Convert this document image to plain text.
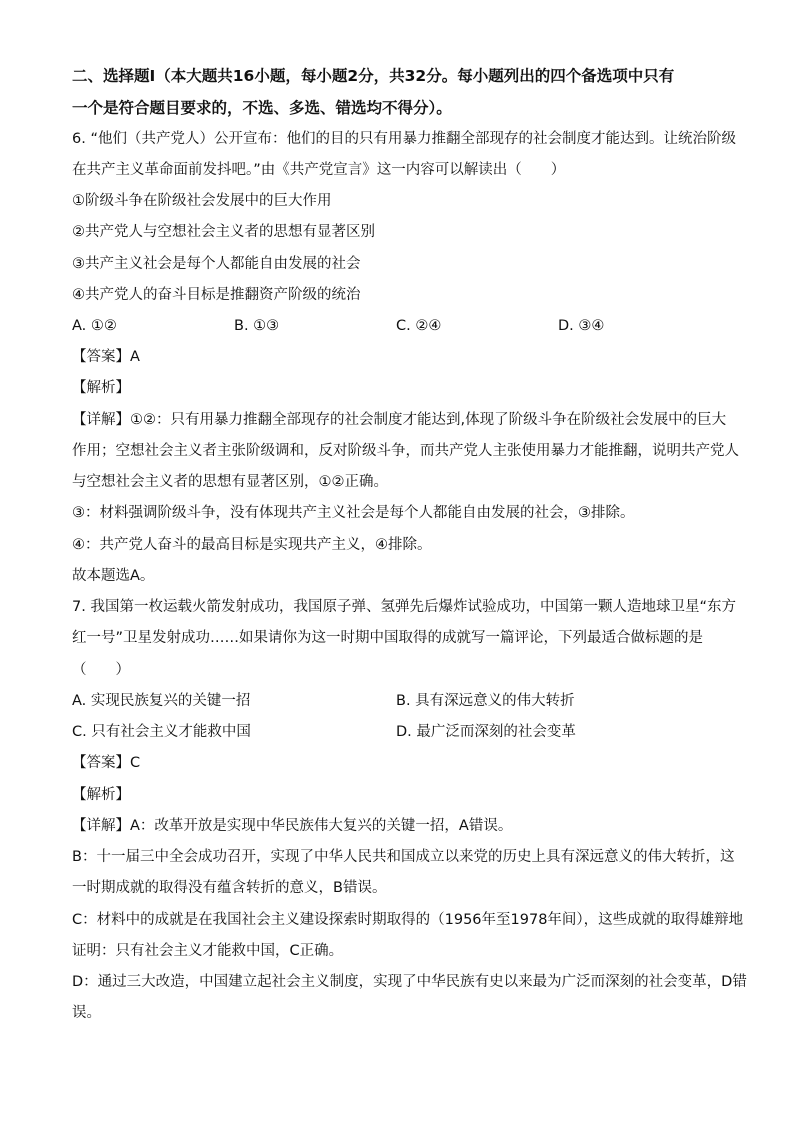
二、选择题Ⅰ（本大题共16小题，每小题2分，共32分。每小题列出的四个备选项中只有
一个是符合题目要求的，不选、多选、错选均不得分）。
6. “他们（共产党人）公开宣布：他们的目的只有用暴力推翻全部现存的社会制度才能达到。让统治阶级
在共产主义革命面前发抖吧。”由《共产党宣言》这一内容可以解读出（　　）
①阶级斗争在阶级社会发展中的巨大作用
②共产党人与空想社会主义者的思想有显著区别
③共产主义社会是每个人都能自由发展的社会
④共产党人的奋斗目标是推翻资产阶级的统治
A. ①②	B. ①③	C. ②④	D. ③④
【答案】A
【解析】
【详解】①②：只有用暴力推翻全部现存的社会制度才能达到,体现了阶级斗争在阶级社会发展中的巨大
作用；空想社会主义者主张阶级调和，反对阶级斗争，而共产党人主张使用暴力才能推翻，说明共产党人
与空想社会主义者的思想有显著区别，①②正确。
③：材料强调阶级斗争，没有体现共产主义社会是每个人都能自由发展的社会，③排除。
④：共产党人奋斗的最高目标是实现共产主义，④排除。
故本题选A。
7. 我国第一枚运载火箭发射成功，我国原子弹、氢弹先后爆炸试验成功，中国第一颗人造地球卫星“东方
红一号”卫星发射成功……如果请你为这一时期中国取得的成就写一篇评论，下列最适合做标题的是
（　　）
A. 实现民族复兴的关键一招	B. 具有深远意义的伟大转折
C. 只有社会主义才能救中国	D. 最广泛而深刻的社会变革
【答案】C
【解析】
【详解】A：改革开放是实现中华民族伟大复兴的关键一招，A错误。
B：十一届三中全会成功召开，实现了中华人民共和国成立以来党的历史上具有深远意义的伟大转折，这
一时期成就的取得没有蕴含转折的意义，B错误。
C：材料中的成就是在我国社会主义建设探索时期取得的（1956年至1978年间），这些成就的取得雄辩地
证明：只有社会主义才能救中国，C正确。
D：通过三大改造，中国建立起社会主义制度，实现了中华民族有史以来最为广泛而深刻的社会变革，D错
误。
